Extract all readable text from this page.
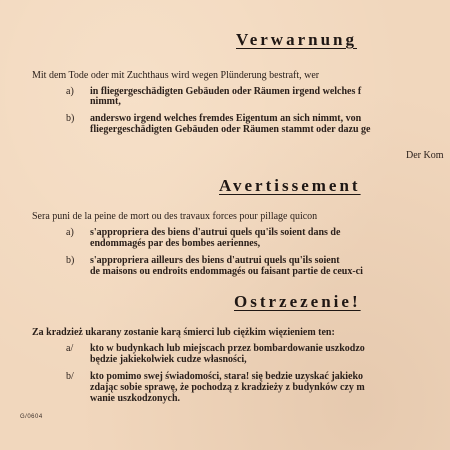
Verwarnung
Mit dem Tode oder mit Zuchthaus wird wegen Plünderung bestraft, wer
a) in fliegergeschädigten Gebäuden oder Räumen irgend welches f
nimmt,
b) anderswo irgend welches fremdes Eigentum an sich nimmt, von
fliegergeschädigten Gebäuden oder Räumen stammt oder dazu ge
Der Kom
Avertissement
Sera puni de la peine de mort ou des travaux forces pour pillage quicon
a) s'appropriera des biens d'autrui quels qu'ils soient dans de
endommagés par des bombes aeriennes,
b) s'appropriera ailleurs des biens d'autrui quels qu'ils soient
de maisons ou endroits endommagés ou faisant partie de ceux-ci
Ostrzezenie!
Za kradzież ukarany zostanie karą śmierci lub ciężkim więzieniem ten:
a/ kto w budynkach lub miejscach przez bombardowanie uszkodzo
będzie jakiekolwiek cudze własności,
b/ kto pomimo swej świadomości, stara! się bedzie uzyskać jakieko
zdając sobie sprawę, że pochodzą z kradzieży z budynków czy m
wanie uszkodzonych.
G/0604
